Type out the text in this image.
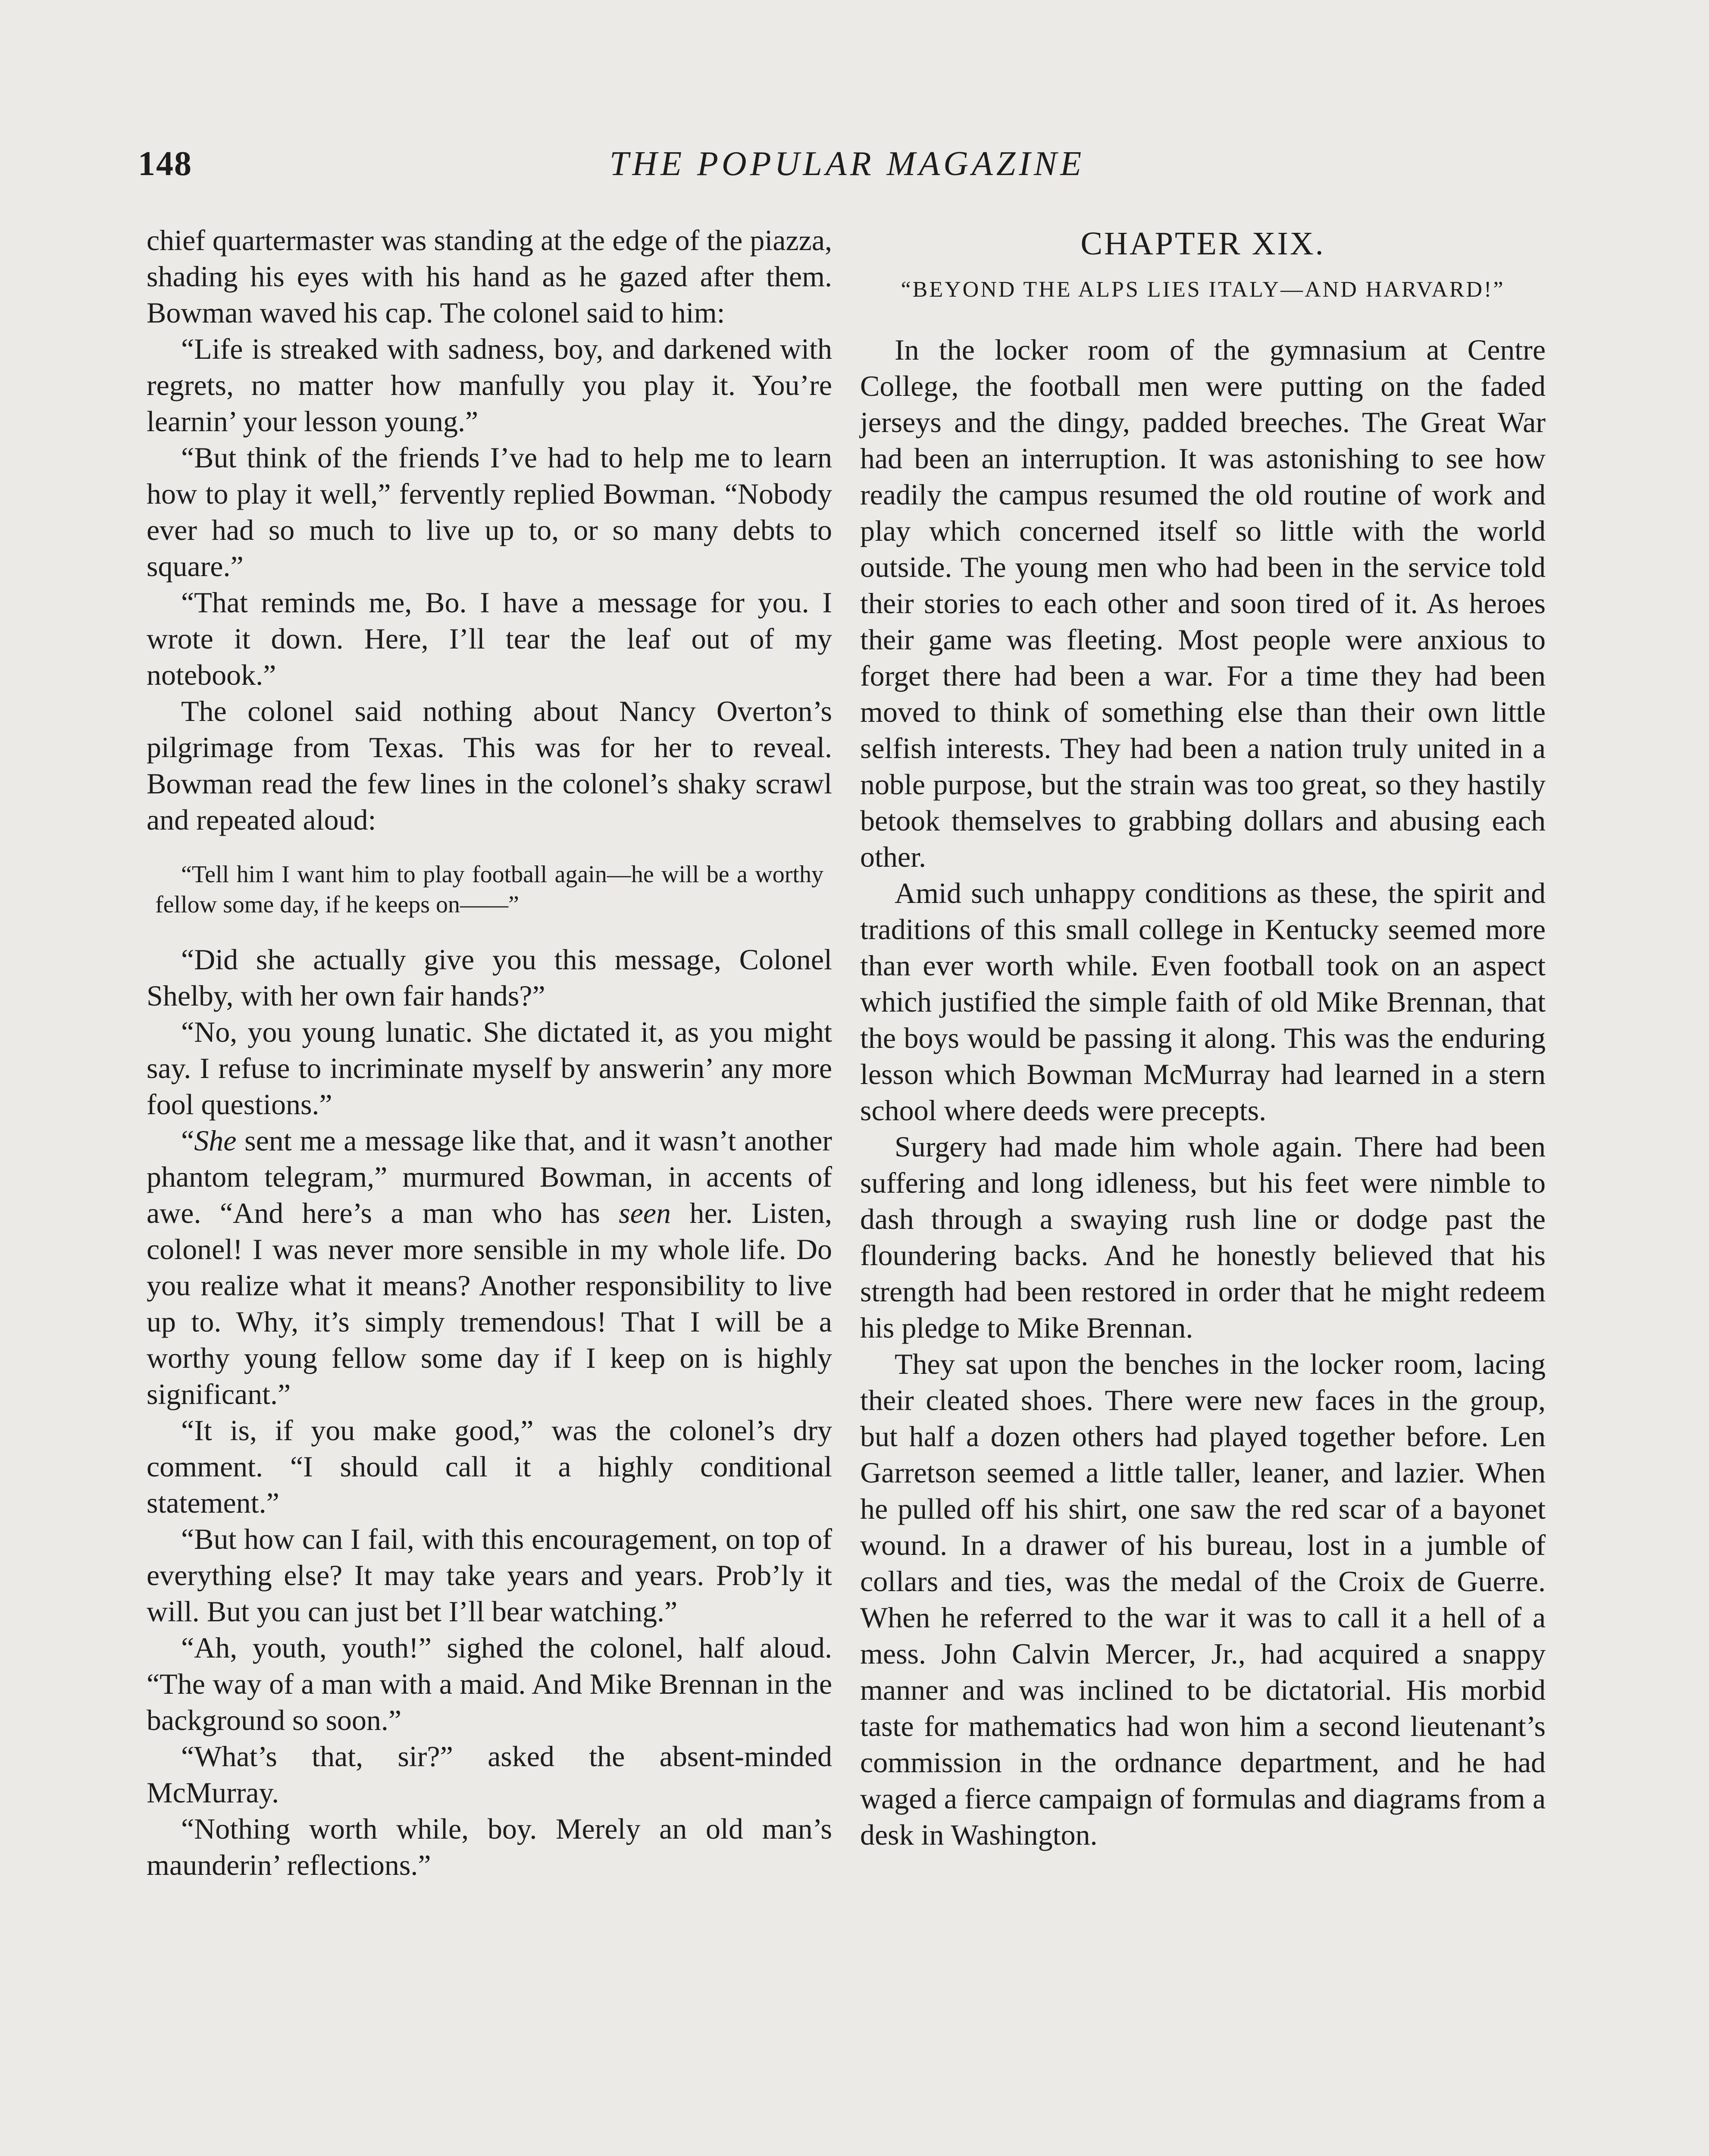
148	THE POPULAR MAGAZINE

chief quartermaster was standing at the edge of the piazza, shading his eyes with his hand as he gazed after them. Bowman waved his cap. The colonel said to him:

“Life is streaked with sadness, boy, and darkened with regrets, no matter how manfully you play it. You’re learnin’ your lesson young.”

“But think of the friends I’ve had to help me to learn how to play it well,” fervently replied Bowman. “Nobody ever had so much to live up to, or so many debts to square.”

“That reminds me, Bo. I have a message for you. I wrote it down. Here, I’ll tear the leaf out of my notebook.”

The colonel said nothing about Nancy Overton’s pilgrimage from Texas. This was for her to reveal. Bowman read the few lines in the colonel’s shaky scrawl and repeated aloud:

“Tell him I want him to play football again—he will be a worthy fellow some day, if he keeps on——”

“Did she actually give you this message, Colonel Shelby, with her own fair hands?”

“No, you young lunatic. She dictated it, as you might say. I refuse to incriminate myself by answerin’ any more fool questions.”

“She sent me a message like that, and it wasn’t another phantom telegram,” murmured Bowman, in accents of awe. “And here’s a man who has seen her. Listen, colonel! I was never more sensible in my whole life. Do you realize what it means? Another responsibility to live up to. Why, it’s simply tremendous! That I will be a worthy young fellow some day if I keep on is highly significant.”

“It is, if you make good,” was the colonel’s dry comment. “I should call it a highly conditional statement.”

“But how can I fail, with this encouragement, on top of everything else? It may take years and years. Prob’ly it will. But you can just bet I’ll bear watching.”

“Ah, youth, youth!” sighed the colonel, half aloud. “The way of a man with a maid. And Mike Brennan in the background so soon.”

“What’s that, sir?” asked the absent-minded McMurray.

“Nothing worth while, boy. Merely an old man’s maunderin’ reflections.”

CHAPTER XIX.
“BEYOND THE ALPS LIES ITALY—AND HARVARD!”

In the locker room of the gymnasium at Centre College, the football men were putting on the faded jerseys and the dingy, padded breeches. The Great War had been an interruption. It was astonishing to see how readily the campus resumed the old routine of work and play which concerned itself so little with the world outside. The young men who had been in the service told their stories to each other and soon tired of it. As heroes their game was fleeting. Most people were anxious to forget there had been a war. For a time they had been moved to think of something else than their own little selfish interests. They had been a nation truly united in a noble purpose, but the strain was too great, so they hastily betook themselves to grabbing dollars and abusing each other.

Amid such unhappy conditions as these, the spirit and traditions of this small college in Kentucky seemed more than ever worth while. Even football took on an aspect which justified the simple faith of old Mike Brennan, that the boys would be passing it along. This was the enduring lesson which Bowman McMurray had learned in a stern school where deeds were precepts.

Surgery had made him whole again. There had been suffering and long idleness, but his feet were nimble to dash through a swaying rush line or dodge past the floundering backs. And he honestly believed that his strength had been restored in order that he might redeem his pledge to Mike Brennan.

They sat upon the benches in the locker room, lacing their cleated shoes. There were new faces in the group, but half a dozen others had played together before. Len Garretson seemed a little taller, leaner, and lazier. When he pulled off his shirt, one saw the red scar of a bayonet wound. In a drawer of his bureau, lost in a jumble of collars and ties, was the medal of the Croix de Guerre. When he referred to the war it was to call it a hell of a mess. John Calvin Mercer, Jr., had acquired a snappy manner and was inclined to be dictatorial. His morbid taste for mathematics had won him a second lieutenant’s commission in the ordnance department, and he had waged a fierce campaign of formulas and diagrams from a desk in Washington.
